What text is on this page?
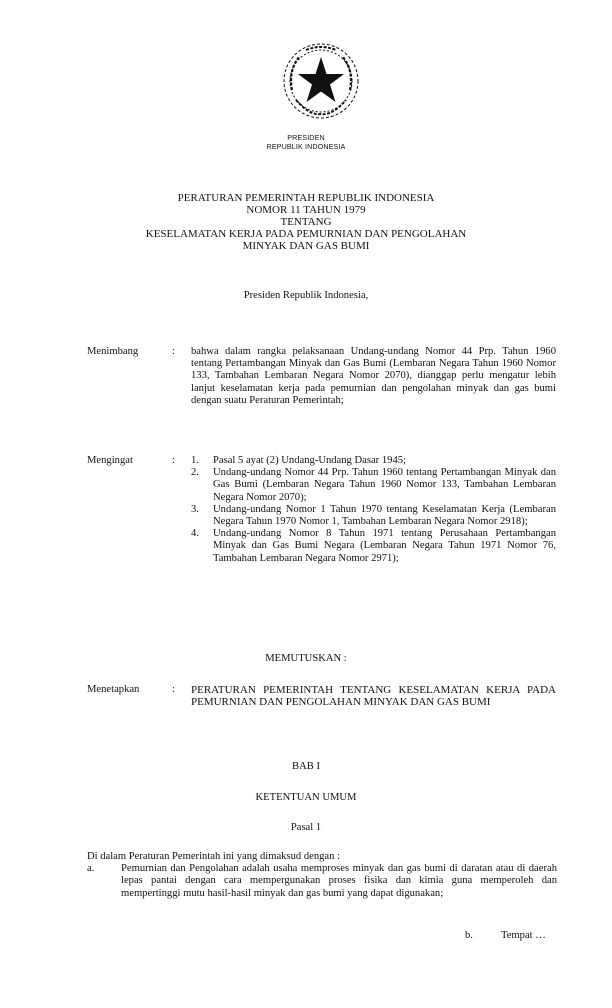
PRESIDEN
REPUBLIK INDONESIA
PERATURAN PEMERINTAH REPUBLIK INDONESIA
NOMOR 11 TAHUN 1979
TENTANG
KESELAMATAN KERJA PADA PEMURNIAN DAN PENGOLAHAN
MINYAK DAN GAS BUMI
Presiden Republik Indonesia,
Menimbang	: bahwa dalam rangka pelaksanaan Undang-undang Nomor 44 Prp. Tahun 1960 tentang Pertambangan Minyak dan Gas Bumi (Lembaran Negara Tahun 1960 Nomor 133, Tambahan Lembaran Negara Nomor 2070), dianggap perlu mengatur lebih lanjut keselamatan kerja pada pemurnian dan pengolahan minyak dan gas bumi dengan suatu Peraturan Pemerintah;
Mengingat	: 1. Pasal 5 ayat (2) Undang-Undang Dasar 1945;
2. Undang-undang Nomor 44 Prp. Tahun 1960 tentang Pertambangan Minyak dan Gas Bumi (Lembaran Negara Tahun 1960 Nomor 133, Tambahan Lembaran Negara Nomor 2070);
3. Undang-undang Nomor 1 Tahun 1970 tentang Keselamatan Kerja (Lembaran Negara Tahun 1970 Nomor 1, Tambahan Lembaran Negara Nomor 2918);
4. Undang-undang Nomor 8 Tahun 1971 tentang Perusahaan Pertambangan Minyak dan Gas Bumi Negara (Lembaran Negara Tahun 1971 Nomor 76, Tambahan Lembaran Negara Nomor 2971);
MEMUTUSKAN :
Menetapkan	: PERATURAN PEMERINTAH TENTANG KESELAMATAN KERJA PADA PEMURNIAN DAN PENGOLAHAN MINYAK DAN GAS BUMI
BAB I
KETENTUAN UMUM
Pasal 1
Di dalam Peraturan Pemerintah ini yang dimaksud dengan :
a.	Pemurnian dan Pengolahan adalah usaha memproses minyak dan gas bumi di daratan atau di daerah lepas pantai dengan cara mempergunakan proses fisika dan kimia guna memperoleh dan mempertinggi mutu hasil-hasil minyak dan gas bumi yang dapat digunakan;
b.	Tempat …
